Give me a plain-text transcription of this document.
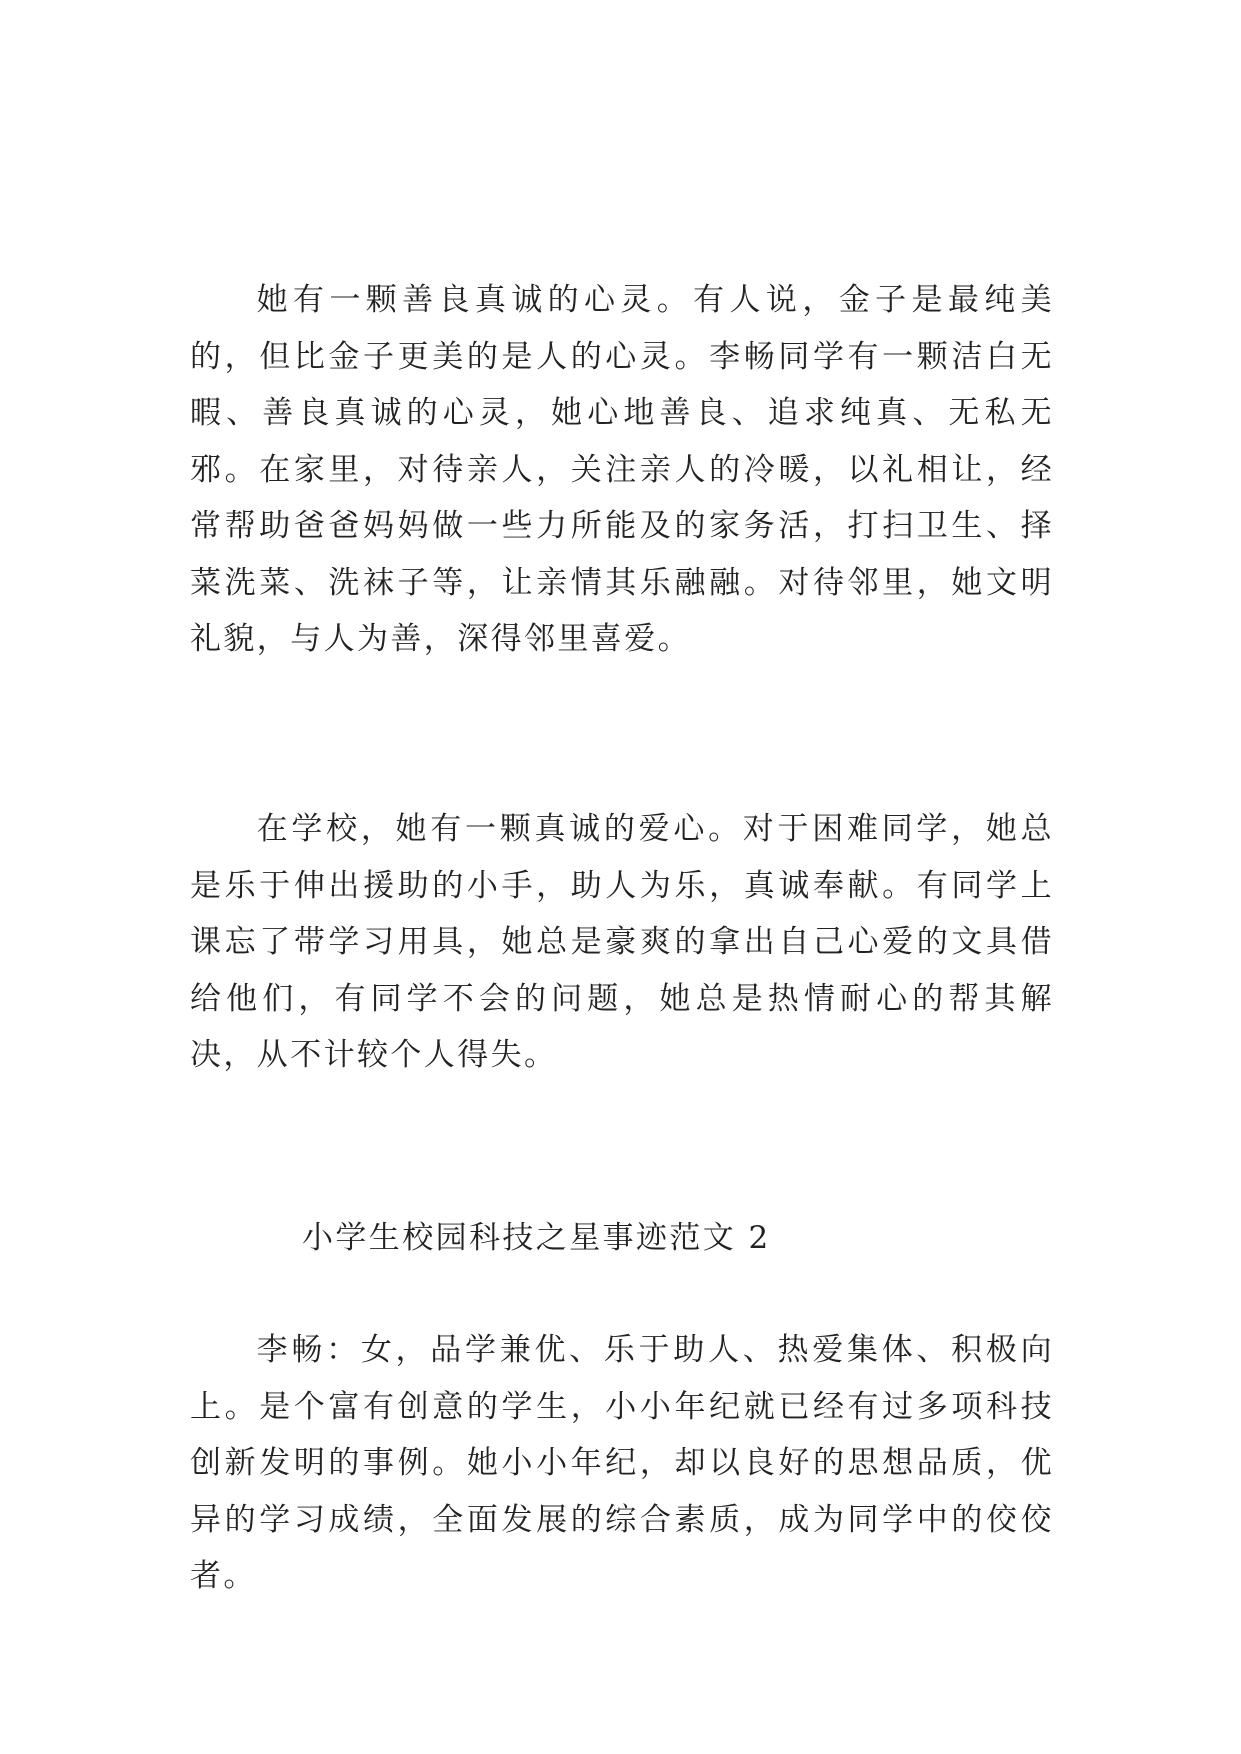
她有一颗善良真诚的心灵。有人说，金子是最纯美的，但比金子更美的是人的心灵。李畅同学有一颗洁白无暇、善良真诚的心灵，她心地善良、追求纯真、无私无邪。在家里，对待亲人，关注亲人的冷暖，以礼相让，经常帮助爸爸妈妈做一些力所能及的家务活，打扫卫生、择菜洗菜、洗袜子等，让亲情其乐融融。对待邻里，她文明礼貌，与人为善，深得邻里喜爱。

在学校，她有一颗真诚的爱心。对于困难同学，她总是乐于伸出援助的小手，助人为乐，真诚奉献。有同学上课忘了带学习用具，她总是豪爽的拿出自己心爱的文具借给他们，有同学不会的问题，她总是热情耐心的帮其解决，从不计较个人得失。

小学生校园科技之星事迹范文 2

李畅：女，品学兼优、乐于助人、热爱集体、积极向上。是个富有创意的学生，小小年纪就已经有过多项科技创新发明的事例。她小小年纪，却以良好的思想品质，优异的学习成绩，全面发展的综合素质，成为同学中的佼佼者。
